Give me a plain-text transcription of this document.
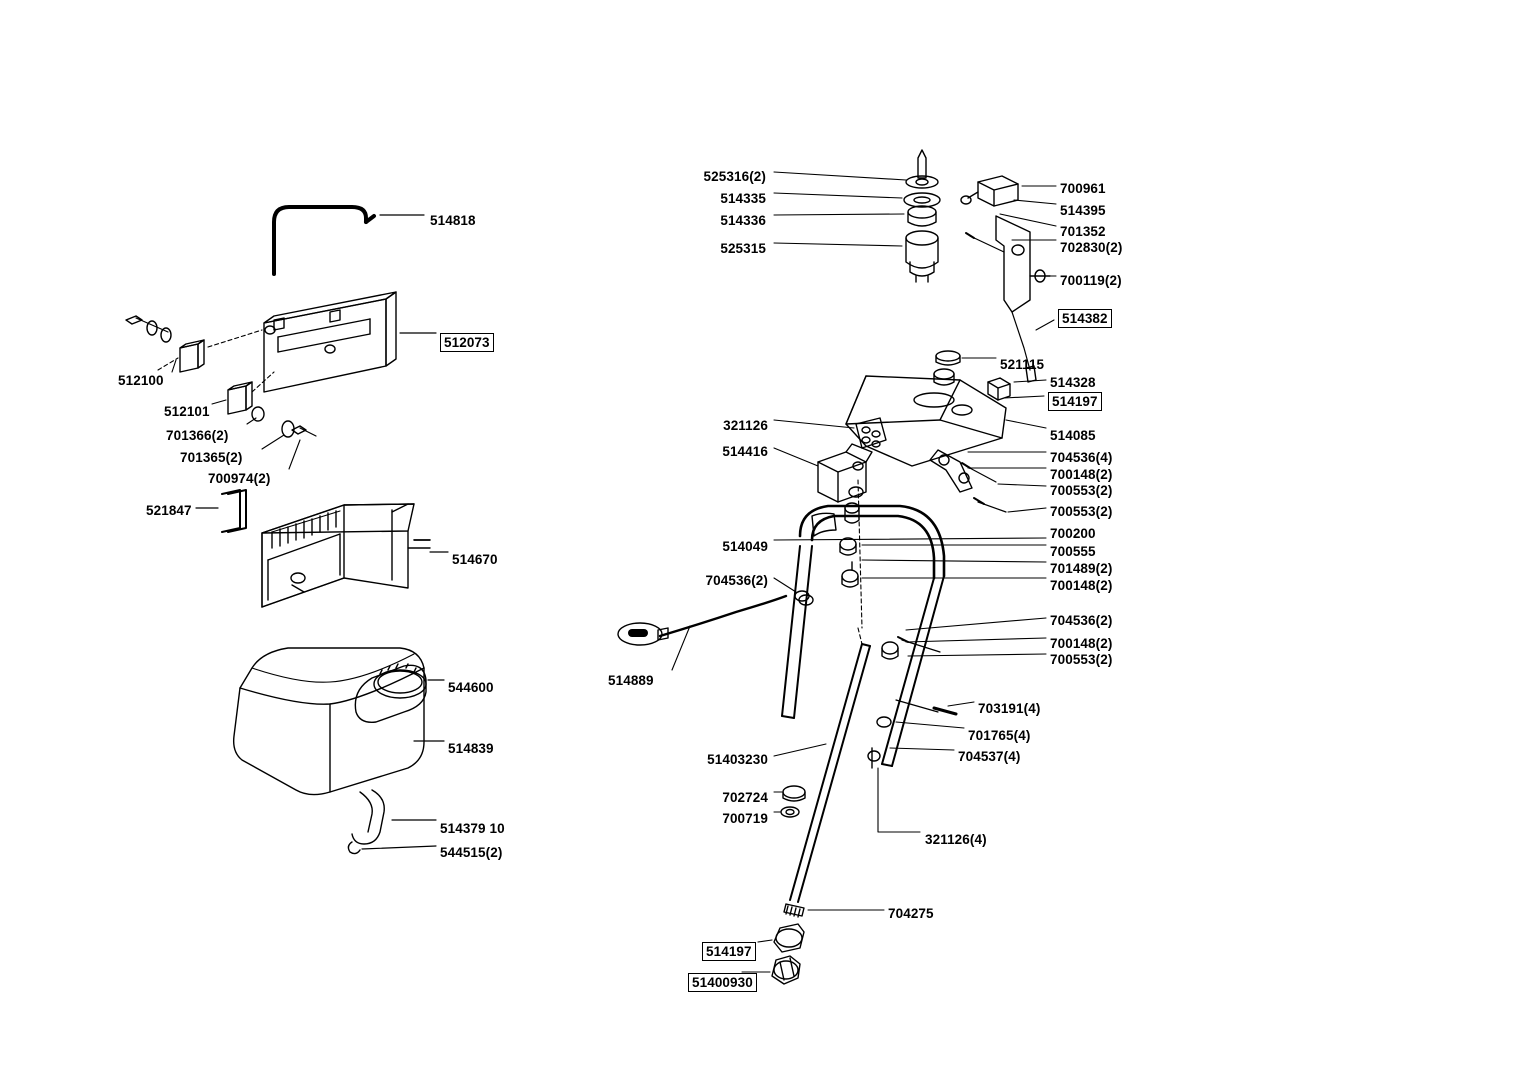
514818
512073
512100
512101
701366(2)
701365(2)
700974(2)
521847
514670
544600
514839
514379 10
544515(2)
525316(2)
514335
514336
525315
700961
514395
701352
702830(2)
700119(2)
514382
521115
514328
514197
514085
704536(4)
700148(2)
700553(2)
700553(2)
700200
700555
701489(2)
700148(2)
704536(2)
700148(2)
700553(2)
703191(4)
701765(4)
704537(4)
321126
514416
514049
704536(2)
514889
51403230
702724
700719
321126(4)
704275
514197
51400930
